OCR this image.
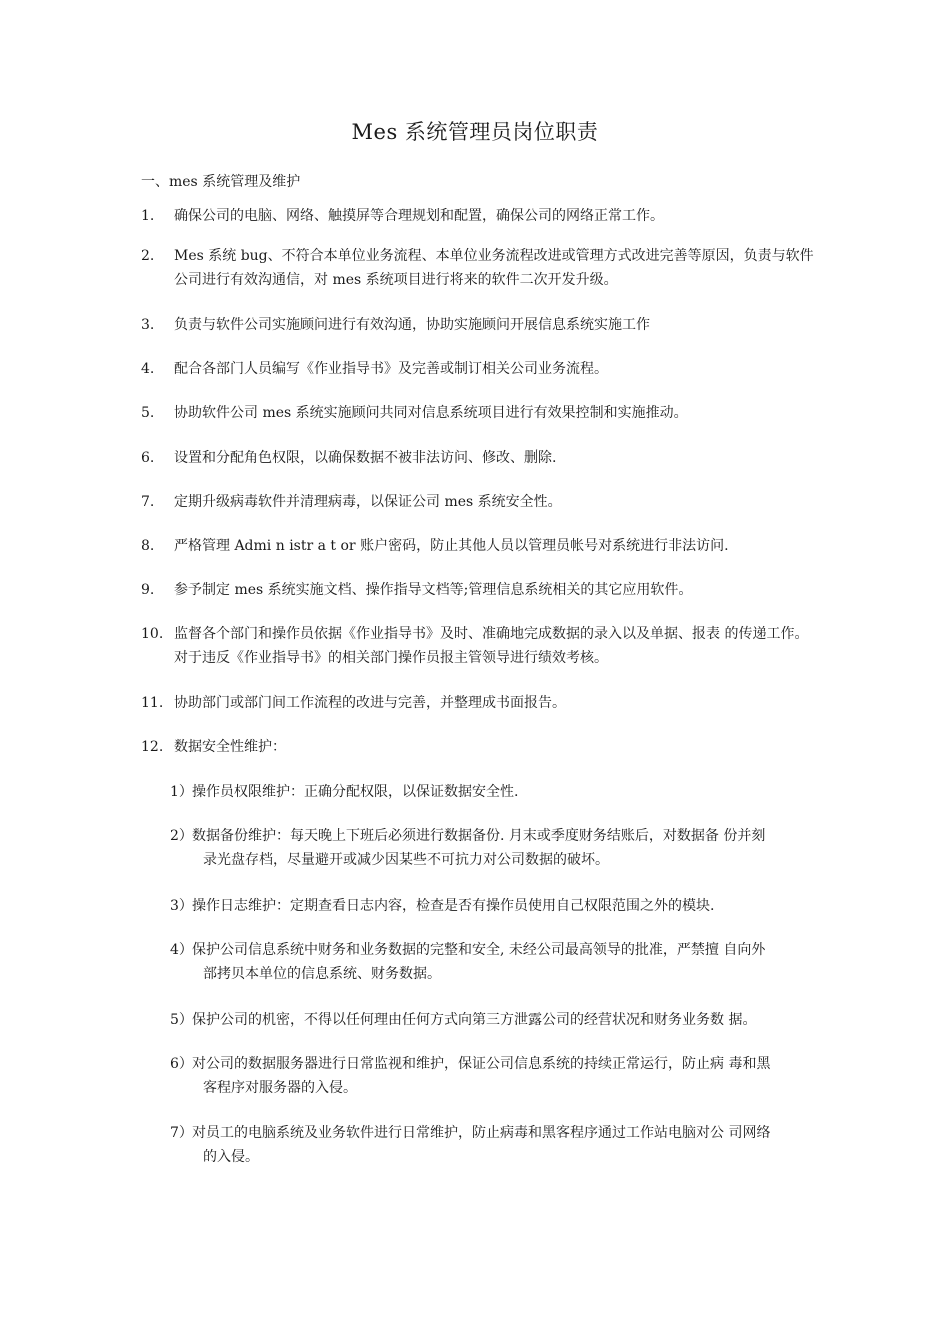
Mes 系统管理员岗位职责
一、mes 系统管理及维护
1.	确保公司的电脑、网络、触摸屏等合理规划和配置，确保公司的网络正常工作。
2.	Mes 系统 bug、不符合本单位业务流程、本单位业务流程改进或管理方式改进完善等原因，负责与软件公司进行有效沟通信，对 mes 系统项目进行将来的软件二次开发升级。
3.	负责与软件公司实施顾问进行有效沟通，协助实施顾问开展信息系统实施工作
4.	配合各部门人员编写《作业指导书》及完善或制订相关公司业务流程。
5.	协助软件公司 mes 系统实施顾问共同对信息系统项目进行有效果控制和实施推动。
6.	设置和分配角色权限，以确保数据不被非法访问、修改、删除.
7.	定期升级病毒软件并清理病毒，以保证公司 mes 系统安全性。
8.	严格管理 Admi n istr a t or 账户密码，防止其他人员以管理员帐号对系统进行非法访问.
9.	参予制定 mes 系统实施文档、操作指导文档等;管理信息系统相关的其它应用软件。
10. 监督各个部门和操作员依据《作业指导书》及时、准确地完成数据的录入以及单据、报表 的传递工作。对于违反《作业指导书》的相关部门操作员报主管领导进行绩效考核。
11. 协助部门或部门间工作流程的改进与完善，并整理成书面报告。
12. 数据安全性维护：
1） 操作员权限维护：正确分配权限，以保证数据安全性.
2） 数据备份维护：每天晚上下班后必须进行数据备份. 月末或季度财务结账后，对数据备 份并刻
录光盘存档，尽量避开或减少因某些不可抗力对公司数据的破坏。
3） 操作日志维护：定期查看日志内容，检查是否有操作员使用自己权限范围之外的模块.
4） 保护公司信息系统中财务和业务数据的完整和安全, 未经公司最高领导的批准，严禁擅 自向外
部拷贝本单位的信息系统、财务数据。
5） 保护公司的机密，不得以任何理由任何方式向第三方泄露公司的经营状况和财务业务数 据。
6） 对公司的数据服务器进行日常监视和维护，保证公司信息系统的持续正常运行，防止病 毒和黑
客程序对服务器的入侵。
7） 对员工的电脑系统及业务软件进行日常维护，防止病毒和黑客程序通过工作站电脑对公 司网络
的入侵。
